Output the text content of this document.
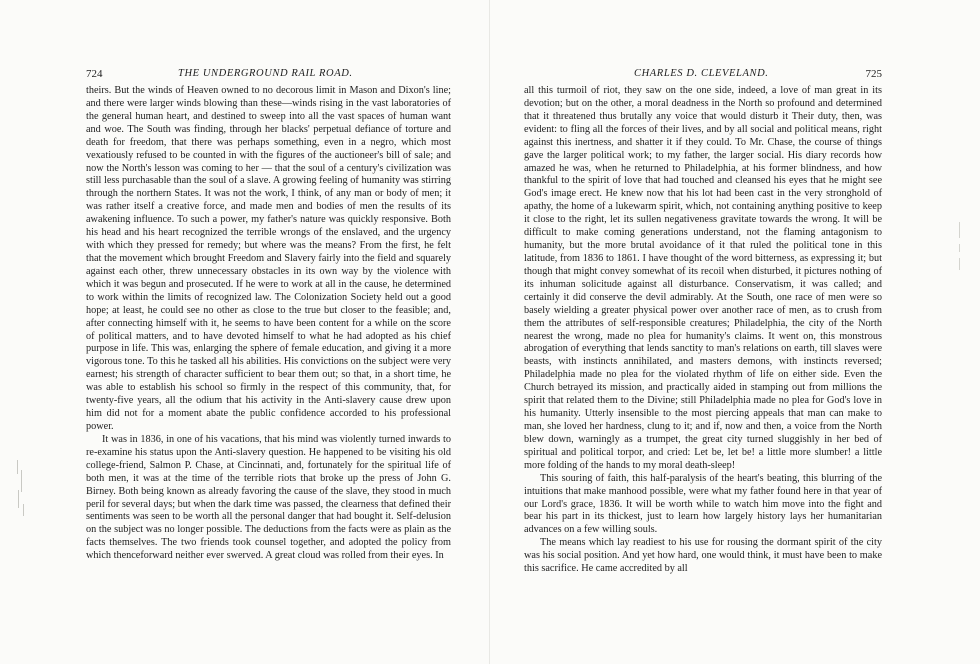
724	THE UNDERGROUND RAIL ROAD.

theirs. But the winds of Heaven owned to no decorous limit in Mason and Dixon's line; and there were larger winds blowing than these—winds rising in the vast laboratories of the general human heart, and destined to sweep into all the vast spaces of human want and woe. The South was finding, through her blacks' perpetual defiance of torture and death for freedom, that there was perhaps something, even in a negro, which most vexatiously refused to be counted in with the figures of the auctioneer's bill of sale; and now the North's lesson was coming to her — that the soul of a century's civilization was still less purchasable than the soul of a slave. A growing feeling of humanity was stirring through the northern States. It was not the work, I think, of any man or body of men; it was rather itself a creative force, and made men and bodies of men the results of its awakening influence. To such a power, my father's nature was quickly responsive. Both his head and his heart recognized the terrible wrongs of the enslaved, and the urgency with which they pressed for remedy; but where was the means? From the first, he felt that the movement which brought Freedom and Slavery fairly into the field and squarely against each other, threw unnecessary obstacles in its own way by the violence with which it was begun and prosecuted. If he were to work at all in the cause, he determined to work within the limits of recognized law. The Colonization Society held out a good hope; at least, he could see no other as close to the true but closer to the feasible; and, after connecting himself with it, he seems to have been content for a while on the score of political matters, and to have devoted himself to what he had adopted as his chief purpose in life. This was, enlarging the sphere of female education, and giving it a more vigorous tone. To this he tasked all his abilities. His convictions on the subject were very earnest; his strength of character sufficient to bear them out; so that, in a short time, he was able to establish his school so firmly in the respect of this community, that, for twenty-five years, all the odium that his activity in the Anti-slavery cause drew upon him did not for a moment abate the public confidence accorded to his professional power.

It was in 1836, in one of his vacations, that his mind was violently turned inwards to re-examine his status upon the Anti-slavery question. He happened to be visiting his old college-friend, Salmon P. Chase, at Cincinnati, and, fortunately for the spiritual life of both men, it was at the time of the terrible riots that broke up the press of John G. Birney. Both being known as already favoring the cause of the slave, they stood in much peril for several days; but when the dark time was passed, the clearness that defined their sentiments was seen to be worth all the personal danger that had bought it. Self-delusion on the subject was no longer possible. The deductions from the facts were as plain as the facts themselves. The two friends took counsel together, and adopted the policy from which thenceforward neither ever swerved. A great cloud was rolled from their eyes. In

CHARLES D. CLEVELAND.	725

all this turmoil of riot, they saw on the one side, indeed, a love of man great in its devotion; but on the other, a moral deadness in the North so profound and determined that it threatened thus brutally any voice that would disturb it Their duty, then, was evident: to fling all the forces of their lives, and by all social and political means, right against this inertness, and shatter it if they could. To Mr. Chase, the course of things gave the larger political work; to my father, the larger social. His diary records how amazed he was, when he returned to Philadelphia, at his former blindness, and how thankful to the spirit of love that had touched and cleansed his eyes that he might see God's image erect. He knew now that his lot had been cast in the very stronghold of apathy, the home of a lukewarm spirit, which, not containing anything positive to keep it close to the right, let its sullen negativeness gravitate towards the wrong. It will be difficult to make coming generations understand, not the flaming antagonism to humanity, but the more brutal avoidance of it that ruled the political tone in this latitude, from 1836 to 1861. I have thought of the word bitterness, as expressing it; but though that might convey somewhat of its recoil when disturbed, it pictures nothing of its inhuman solicitude against all disturbance. Conservatism, it was called; and certainly it did conserve the devil admirably. At the South, one race of men were so basely wielding a greater physical power over another race of men, as to crush from them the attributes of self-responsible creatures; Philadelphia, the city of the North nearest the wrong, made no plea for humanity's claims. It went on, this monstrous abrogation of everything that lends sanctity to man's relations on earth, till slaves were beasts, with instincts annihilated, and masters demons, with instincts reversed; Philadelphia made no plea for the violated rhythm of life on either side. Even the Church betrayed its mission, and practically aided in stamping out from millions the spirit that related them to the Divine; still Philadelphia made no plea for God's love in his humanity. Utterly insensible to the most piercing appeals that man can make to man, she loved her hardness, clung to it; and if, now and then, a voice from the North blew down, warningly as a trumpet, the great city turned sluggishly in her bed of spiritual and political torpor, and cried: Let be, let be! a little more slumber! a little more folding of the hands to my moral death-sleep!

This souring of faith, this half-paralysis of the heart's beating, this blurring of the intuitions that make manhood possible, were what my father found here in that year of our Lord's grace, 1836. It will be worth while to watch him move into the fight and bear his part in its thickest, just to learn how largely history lays her humanitarian advances on a few willing souls.

The means which lay readiest to his use for rousing the dormant spirit of the city was his social position. And yet how hard, one would think, it must have been to make this sacrifice. He came accredited by all
